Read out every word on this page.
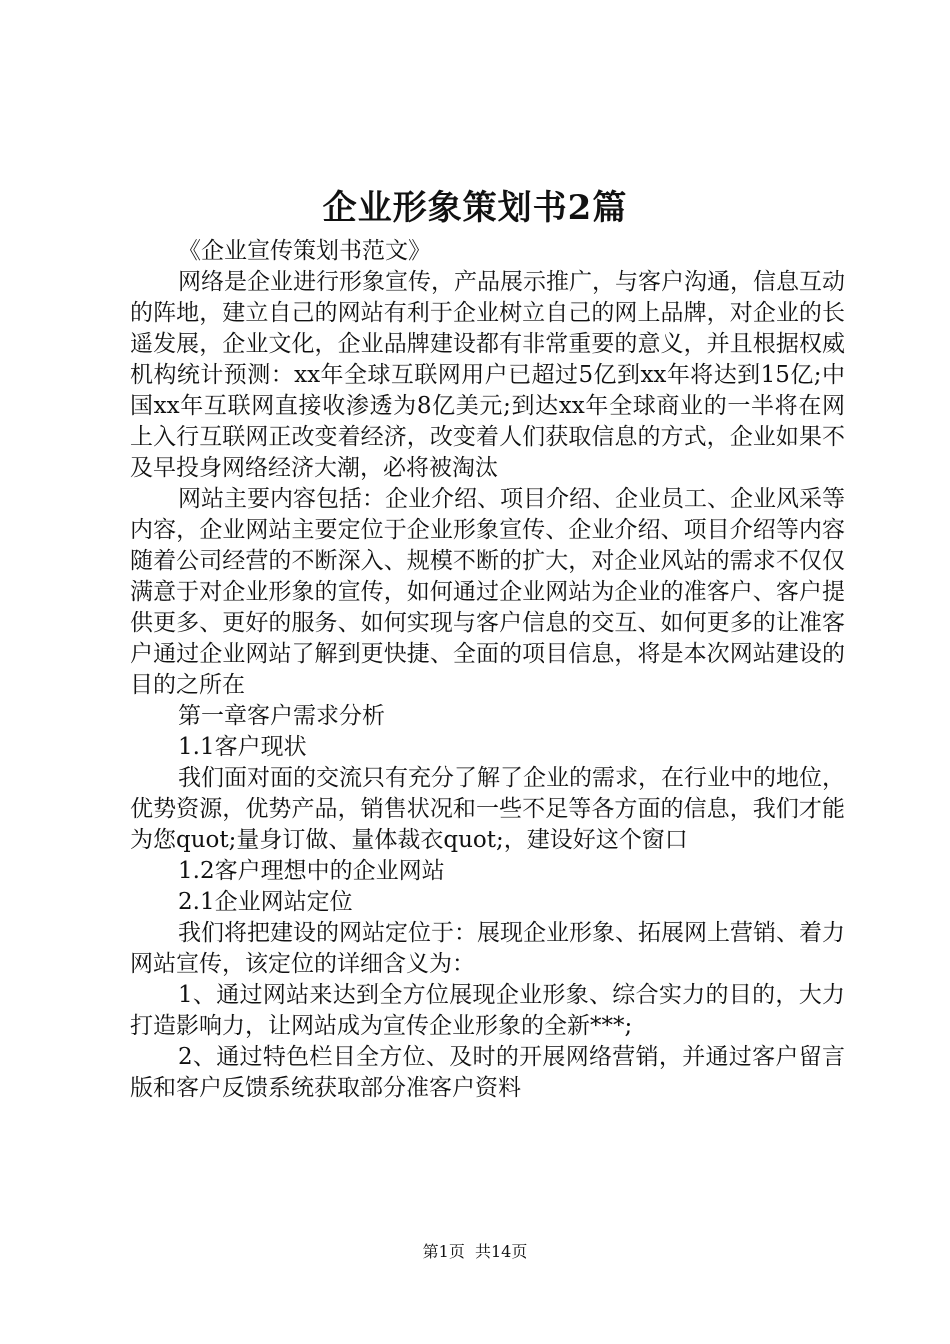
企业形象策划书2篇

《企业宣传策划书范文》

网络是企业进行形象宣传，产品展示推广，与客户沟通，信息互动的阵地，建立自己的网站有利于企业树立自己的网上品牌，对企业的长遥发展，企业文化，企业品牌建设都有非常重要的意义，并且根据权威机构统计预测：xx年全球互联网用户已超过5亿到xx年将达到15亿;中国xx年互联网直接收渗透为8亿美元;到达xx年全球商业的一半将在网上入行互联网正改变着经济，改变着人们获取信息的方式，企业如果不及早投身网络经济大潮，必将被淘汰

网站主要内容包括：企业介绍、项目介绍、企业员工、企业风采等内容，企业网站主要定位于企业形象宣传、企业介绍、项目介绍等内容随着公司经营的不断深入、规模不断的扩大，对企业风站的需求不仅仅满意于对企业形象的宣传，如何通过企业网站为企业的准客户、客户提供更多、更好的服务、如何实现与客户信息的交互、如何更多的让准客户通过企业网站了解到更快捷、全面的项目信息，将是本次网站建设的目的之所在

第一章客户需求分析

1.1客户现状

我们面对面的交流只有充分了解了企业的需求，在行业中的地位，优势资源，优势产品，销售状况和一些不足等各方面的信息，我们才能为您quot;量身订做、量体裁衣quot;，建设好这个窗口

1.2客户理想中的企业网站

2.1企业网站定位

我们将把建设的网站定位于：展现企业形象、拓展网上营销、着力网站宣传，该定位的详细含义为：

1、通过网站来达到全方位展现企业形象、综合实力的目的，大力打造影响力，让网站成为宣传企业形象的全新***;

2、通过特色栏目全方位、及时的开展网络营销，并通过客户留言版和客户反馈系统获取部分准客户资料

第1页  共14页
